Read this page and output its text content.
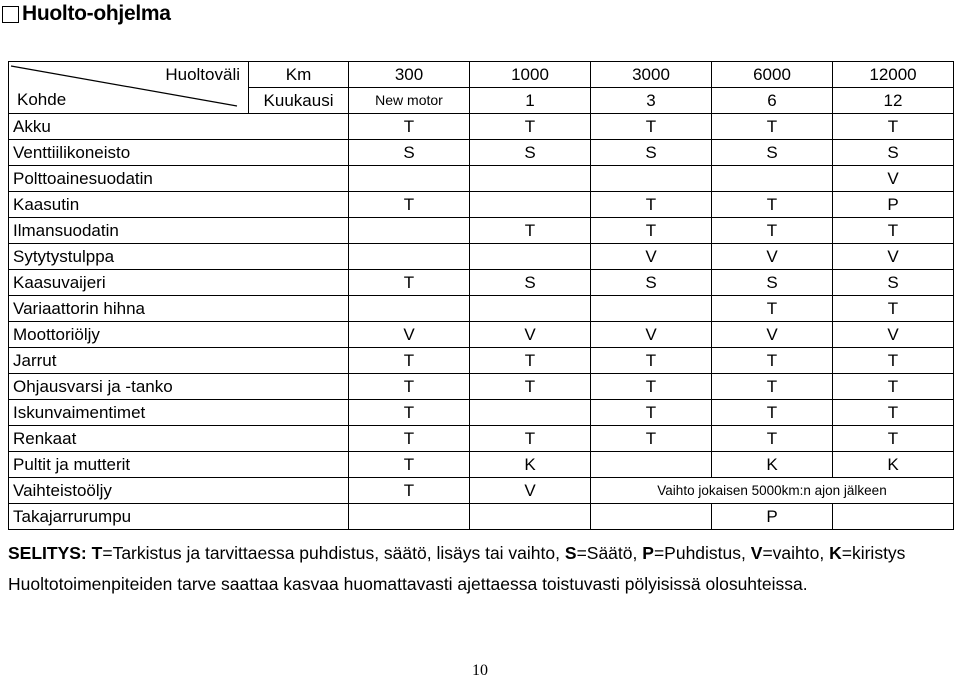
Huolto-ohjelma
Huoltoväli
Kohde	Km	300	1000	3000	6000	12000
	Kuukausi	New motor	1	3	6	12
Akku		T	T	T	T	T
Venttiilikoneisto		S	S	S	S	S
Polttoainesuodatin						V
Kaasutin		T		T	T	P
Ilmansuodatin			T	T	T	T
Sytytystulppa				V	V	V
Kaasuvaijeri		T	S	S	S	S
Variaattorin hihna					T	T
Moottoriöljy		V	V	V	V	V
Jarrut		T	T	T	T	T
Ohjausvarsi ja -tanko		T	T	T	T	T
Iskunvaimentimet		T		T	T	T
Renkaat		T	T	T	T	T
Pultit ja mutterit		T	K		K	K
Vaihteistoöljy		T	V	Vaihto jokaisen 5000km:n ajon jälkeen		
Takajarrurumpu					P	
SELITYS: T=Tarkistus ja tarvittaessa puhdistus, säätö, lisäys tai vaihto, S=Säätö, P=Puhdistus, V=vaihto, K=kiristys
Huoltotoimenpiteiden tarve saattaa kasvaa huomattavasti ajettaessa toistuvasti pölyisissä olosuhteissa.
10
